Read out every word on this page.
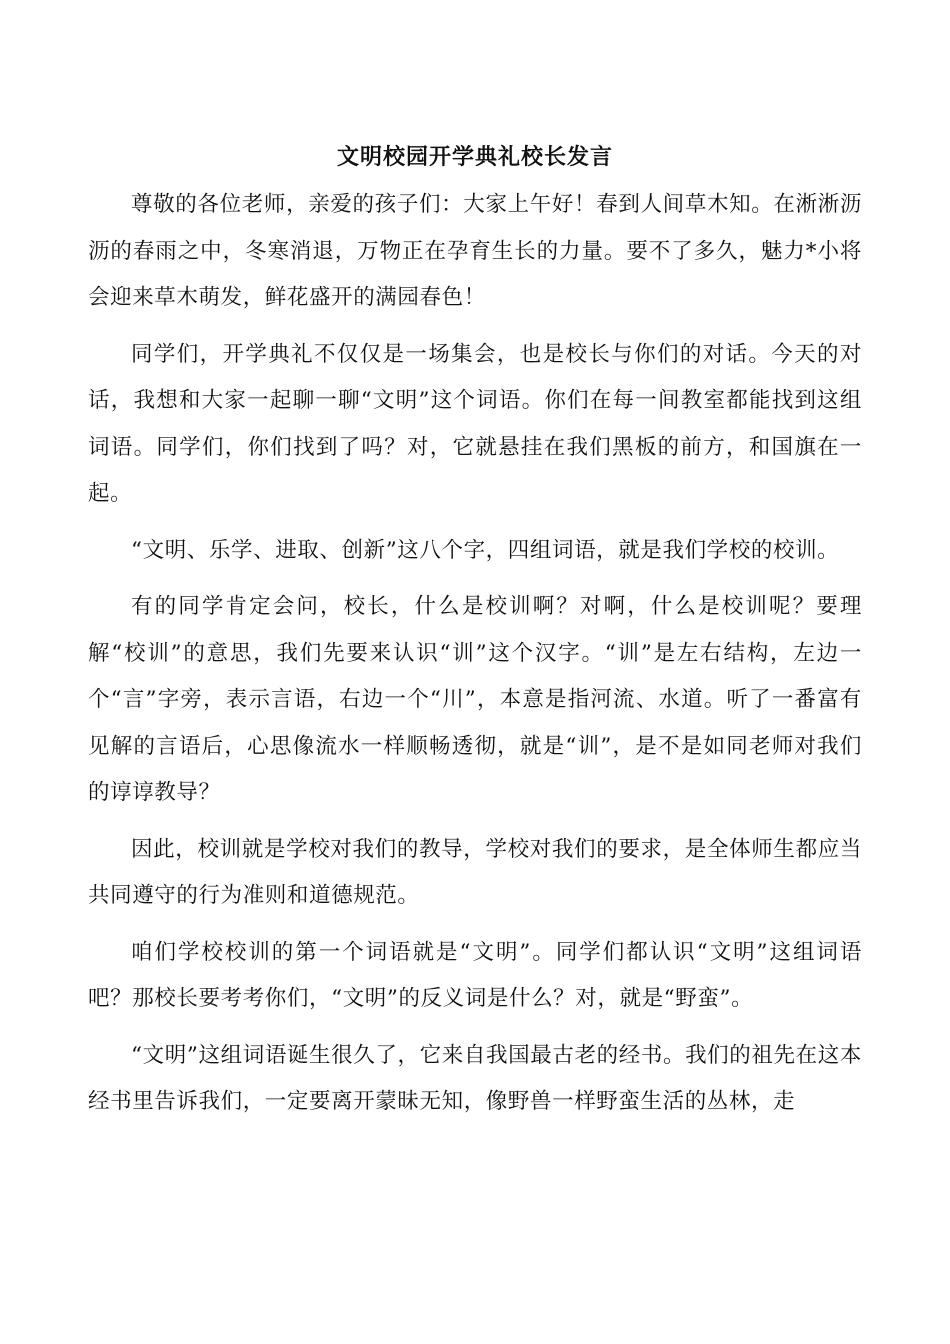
文明校园开学典礼校长发言

尊敬的各位老师，亲爱的孩子们：大家上午好！春到人间草木知。在淅淅沥沥的春雨之中，冬寒消退，万物正在孕育生长的力量。要不了多久，魅力*小将会迎来草木萌发，鲜花盛开的满园春色！

同学们，开学典礼不仅仅是一场集会，也是校长与你们的对话。今天的对话，我想和大家一起聊一聊“文明”这个词语。你们在每一间教室都能找到这组词语。同学们，你们找到了吗？对，它就悬挂在我们黑板的前方，和国旗在一起。

“文明、乐学、进取、创新”这八个字，四组词语，就是我们学校的校训。

有的同学肯定会问，校长，什么是校训啊？对啊，什么是校训呢？要理解“校训”的意思，我们先要来认识“训”这个汉字。“训”是左右结构，左边一个“言”字旁，表示言语，右边一个“川”，本意是指河流、水道。听了一番富有见解的言语后，心思像流水一样顺畅透彻，就是“训”，是不是如同老师对我们的谆谆教导？

因此，校训就是学校对我们的教导，学校对我们的要求，是全体师生都应当共同遵守的行为准则和道德规范。

咱们学校校训的第一个词语就是“文明”。同学们都认识“文明”这组词语吧？那校长要考考你们，“文明”的反义词是什么？对，就是“野蛮”。

“文明”这组词语诞生很久了，它来自我国最古老的经书。我们的祖先在这本经书里告诉我们，一定要离开蒙昧无知，像野兽一样野蛮生活的丛林，走
